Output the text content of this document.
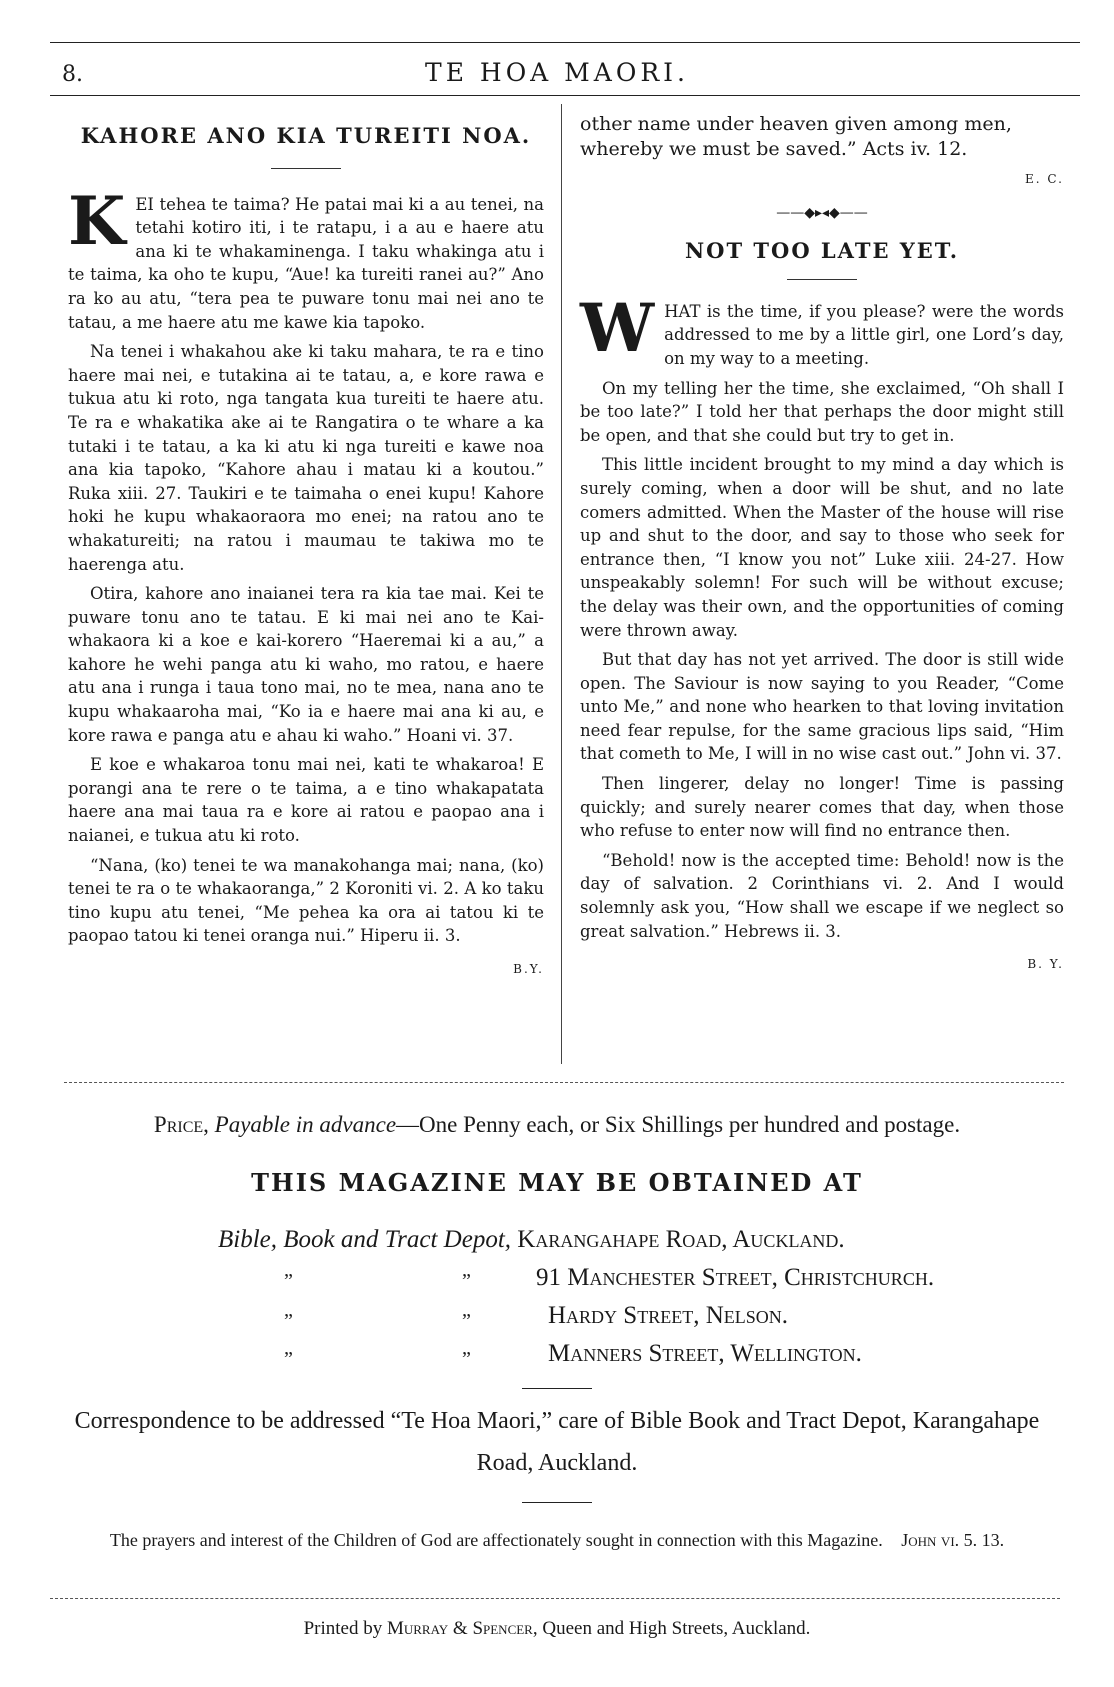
8.	TE HOA MAORI.
KAHORE ANO KIA TUREITI NOA.

KEI tehea te taima? He patai mai ki a au tenei, na tetahi kotiro iti, i te ratapu, i a au e haere atu ana ki te whakaminenga. I taku whakinga atu i te taima, ka oho te kupu, “Aue! ka tureiti ranei au?” Ano ra ko au atu, “tera pea te puware tonu mai nei ano te tatau, a me haere atu me kawe kia tapoko.

Na tenei i whakahou ake ki taku mahara, te ra e tino haere mai nei, e tutakina ai te tatau, a, e kore rawa e tukua atu ki roto, nga tangata kua tureiti te haere atu. Te ra e whakatika ake ai te Rangatira o te whare a ka tutaki i te tatau, a ka ki atu ki nga tureiti e kawe noa ana kia tapoko, “Kahore ahau i matau ki a koutou.” Ruka xiii. 27. Taukiri e te taimaha o enei kupu! Kahore hoki he kupu whakaoraora mo enei; na ratou ano te whakatureiti; na ratou i maumau te takiwa mo te haerenga atu.

Otira, kahore ano inaianei tera ra kia tae mai. Kei te puware tonu ano te tatau. E ki mai nei ano te Kai-whakaora ki a koe e kai-korero “Haeremai ki a au,” a kahore he wehi panga atu ki waho, mo ratou, e haere atu ana i runga i taua tono mai, no te mea, nana ano te kupu whakaaroha mai, “Ko ia e haere mai ana ki au, e kore rawa e panga atu e ahau ki waho.” Hoani vi. 37.

E koe e whakaroa tonu mai nei, kati te whakaroa! E porangi ana te rere o te taima, a e tino whakapatata haere ana mai taua ra e kore ai ratou e paopao ana i naianei, e tukua atu ki roto.

“Nana, (ko) tenei te wa manakohanga mai; nana, (ko) tenei te ra o te whakaoranga,” 2 Koroniti vi. 2. A ko taku tino kupu atu tenei, “Me pehea ka ora ai tatou ki te paopao tatou ki tenei oranga nui.” Hiperu ii. 3.

B.Y.

other name under heaven given among men, whereby we must be saved.” Acts iv. 12.

E. C.
——◆▸◂◆——
NOT TOO LATE YET.

WHAT is the time, if you please? were the words addressed to me by a little girl, one Lord’s day, on my way to a meeting.

On my telling her the time, she exclaimed, “Oh shall I be too late?” I told her that perhaps the door might still be open, and that she could but try to get in.

This little incident brought to my mind a day which is surely coming, when a door will be shut, and no late comers admitted. When the Master of the house will rise up and shut to the door, and say to those who seek for entrance then, “I know you not” Luke xiii. 24-27. How unspeakably solemn! For such will be without excuse; the delay was their own, and the opportunities of coming were thrown away.

But that day has not yet arrived. The door is still wide open. The Saviour is now saying to you Reader, “Come unto Me,” and none who hearken to that loving invitation need fear repulse, for the same gracious lips said, “Him that cometh to Me, I will in no wise cast out.” John vi. 37.

Then lingerer, delay no longer! Time is passing quickly; and surely nearer comes that day, when those who refuse to enter now will find no entrance then.

“Behold! now is the accepted time: Behold! now is the day of salvation. 2 Corinthians vi. 2. And I would solemnly ask you, “How shall we escape if we neglect so great salvation.” Hebrews ii. 3.

B. Y.
Price, Payable in advance—One Penny each, or Six Shillings per hundred and postage.
THIS MAGAZINE MAY BE OBTAINED AT
Bible, Book and Tract Depot, Karangahape Road, Auckland.
”	”	91 Manchester Street, Christchurch.
”	”	Hardy Street, Nelson.
”	”	Manners Street, Wellington.
Correspondence to be addressed “Te Hoa Maori,” care of Bible Book and Tract Depot, Karangahape Road, Auckland.
The prayers and interest of the Children of God are affectionately sought in connection with this Magazine. John vi. 5. 13.
Printed by Murray & Spencer, Queen and High Streets, Auckland.
